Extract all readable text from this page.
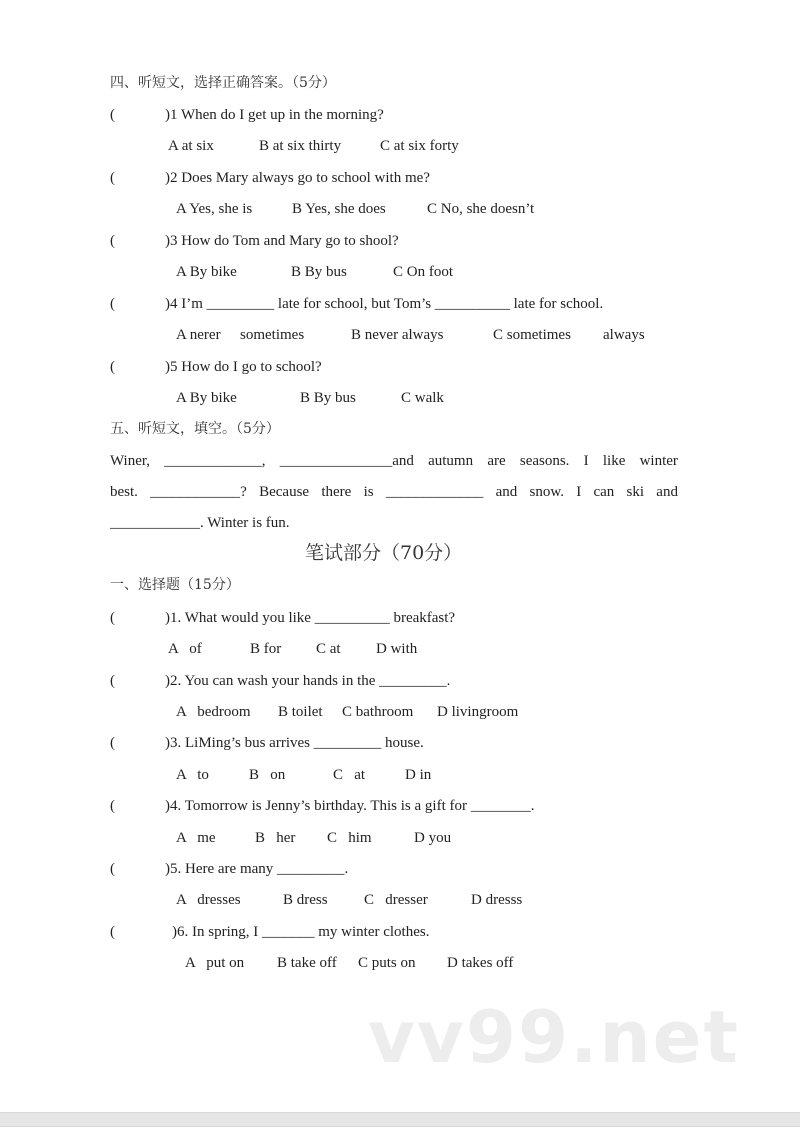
四、听短文，选择正确答案。（5分）
(	)1 When do I get up in the morning?
A at six	B at six thirty	C at six forty
(	)2 Does Mary always go to school with me?
A Yes, she is	B Yes, she does	C No, she doesn’t
(	)3 How do Tom and Mary go to shool?
A By bike	B By bus	C On foot
(	)4 I’m _________ late for school, but Tom’s __________ late for school.
A nerer sometimes	B never always	C sometimes always
(	)5 How do I go to school?
A By bike	B By bus	C walk
五、听短文，填空。（5分）
Winer, _____________, _______________and autumn are seasons. I like winter
best. ____________? Because there is _____________ and snow. I can ski and
____________. Winter is fun.
笔试部分（70分）
一、选择题（15分）
(	)1. What would you like __________ breakfast?
A   of	B for C at D with
(	)2. You can wash your hands in the _________.
A   bedroom B toilet C bathroom D livingroom
(	)3. LiMing’s bus arrives _________ house.
A   to	B   on	C   at	D in
(	)4. Tomorrow is Jenny’s birthday. This is a gift for ________.
A   me	B   her C   him	D you
(	)5. Here are many _________.
A   dresses	B dress C   dresser	D dresss
(	)6. In spring, I _______ my winter clothes.
A   put on B take off C puts on D takes off
vv99.net
